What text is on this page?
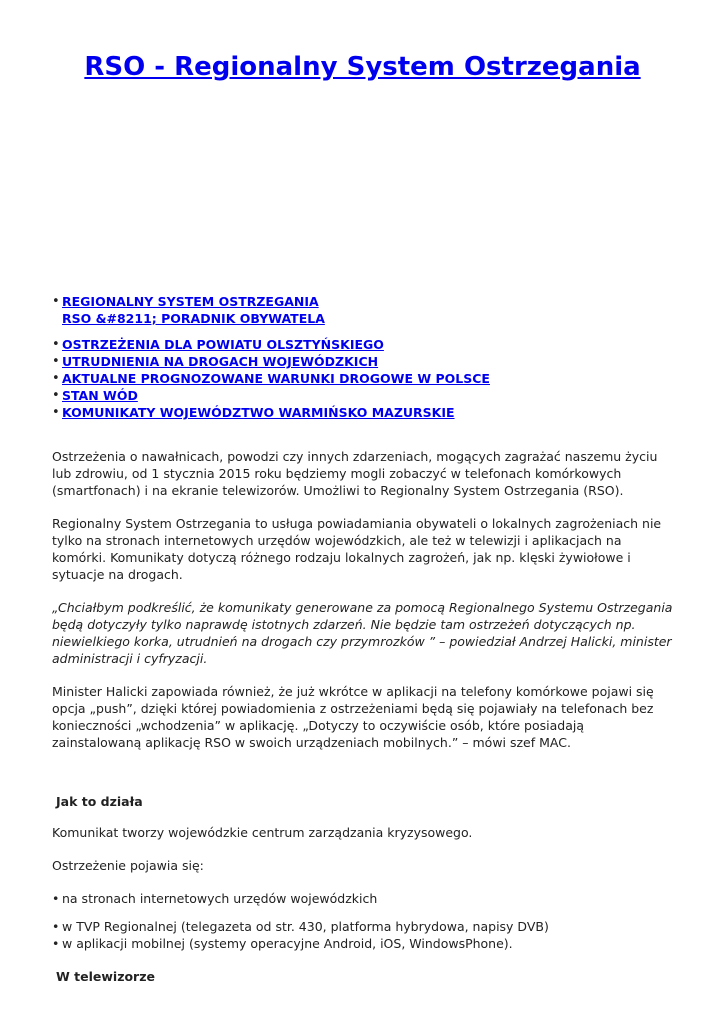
RSO - Regionalny System Ostrzegania
• REGIONALNY SYSTEM OSTRZEGANIA

RSO &#8211; PORADNIK OBYWATELA
• OSTRZEŻENIA DLA POWIATU OLSZTYŃSKIEGO
• UTRUDNIENIA NA DROGACH WOJEWÓDZKICH
• AKTUALNE PROGNOZOWANE WARUNKI DROGOWE W POLSCE
• STAN WÓD
• KOMUNIKATY WOJEWÓDZTWO WARMIŃSKO MAZURSKIE

Ostrzeżenia o nawałnicach, powodzi czy innych zdarzeniach, mogących zagrażać naszemu życiu lub zdrowiu, od 1 stycznia 2015 roku będziemy mogli zobaczyć w telefonach komórkowych (smartfonach) i na ekranie telewizorów. Umożliwi to Regionalny System Ostrzegania (RSO).

Regionalny System Ostrzegania to usługa powiadamiania obywateli o lokalnych zagrożeniach nie tylko na stronach internetowych urzędów wojewódzkich, ale też w telewizji i aplikacjach na komórki. Komunikaty dotyczą różnego rodzaju lokalnych zagrożeń, jak np. klęski żywiołowe i sytuacje na drogach.

„Chciałbym podkreślić, że komunikaty generowane za pomocą Regionalnego Systemu Ostrzegania będą dotyczyły tylko naprawdę istotnych zdarzeń. Nie będzie tam ostrzeżeń dotyczących np. niewielkiego korka, utrudnień na drogach czy przymrozków ” – powiedział Andrzej Halicki, minister administracji i cyfryzacji.

Minister Halicki zapowiada również, że już wkrótce w aplikacji na telefony komórkowe pojawi się opcja „push”, dzięki której powiadomienia z ostrzeżeniami będą się pojawiały na telefonach bez konieczności „wchodzenia” w aplikację. „Dotyczy to oczywiście osób, które posiadają zainstalowaną aplikację RSO w swoich urządzeniach mobilnych.” – mówi szef MAC.

Jak to działa

Komunikat tworzy wojewódzkie centrum zarządzania kryzysowego.

Ostrzeżenie pojawia się:

• na stronach internetowych urzędów wojewódzkich
• w TVP Regionalnej (telegazeta od str. 430, platforma hybrydowa, napisy DVB)
• w aplikacji mobilnej (systemy operacyjne Android, iOS, WindowsPhone).
W telewizorze
